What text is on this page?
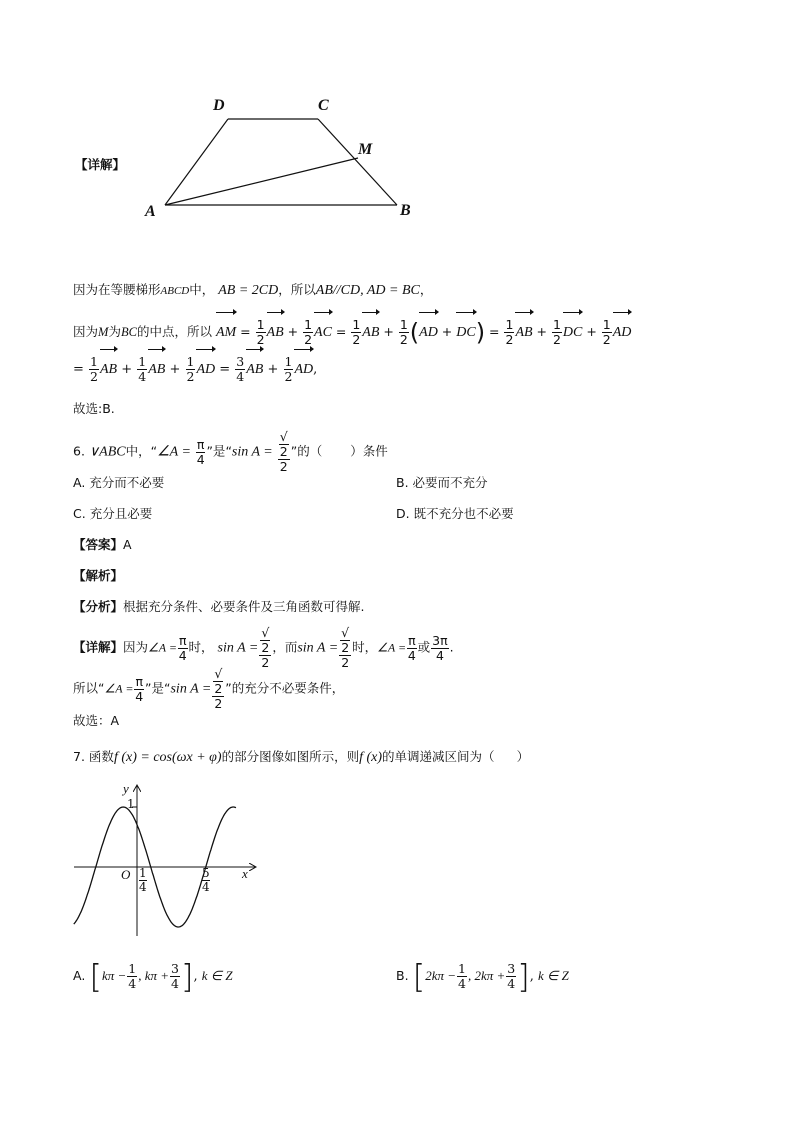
【详解】
D	C
M
A	B
因为在等腰梯形ABCD中， AB = 2CD，所以AB//CD, AD = BC，
因为M为BC的中点，所以 AM = $\frac{1}{2}$ AB + $\frac{1}{2}$ AC = $\frac{1}{2}$ AB + $\frac{1}{2} (AD + DC) = \frac{1}{2}$ AB + $\frac{1}{2}$ DC + $\frac{1}{2}$ AD
= $\frac{1}{2}$ AB + $\frac{1}{4}$ AB + $\frac{1}{2}$ AD = $\frac{3}{4}$ AB + $\frac{1}{2}$ AD,
故选:B.
6. ∨ABC中，“∠A = $\frac{\pi}{4}$ ”是“sin A = √
2
2 ”的（ ）条件
A. 充分而不必要	B. 必要而不充分
C. 充分且必要	D. 既不充分也不必要
【答案】A
【解析】
【分析】根据充分条件、必要条件及三角函数可得解.
【详解】因为∠A = $\frac{\pi}{4}$ 时， sin A = √
2
2 ，而sin A = √
2
2 时，∠A = $\frac{\pi}{4}$ 或 $\frac{3\pi}{4}$ .
所以“∠A = $\frac{\pi}{4}$ ”是“sin A = √
2
2 ”的充分不必要条件，
故选：A
7. 函数f (x) = cos(ωx + φ)的部分图像如图所示，则f (x)的单调递减区间为（ ）
y
x
O
1
1
4
5
4
A. [$k\pi - \frac{1}{4}$ , $k\pi + \frac{3}{4}$ ], k ∈ Z	B. [$2k\pi - \frac{1}{4}$ , $2k\pi + \frac{3}{4}$ ], k ∈ Z
